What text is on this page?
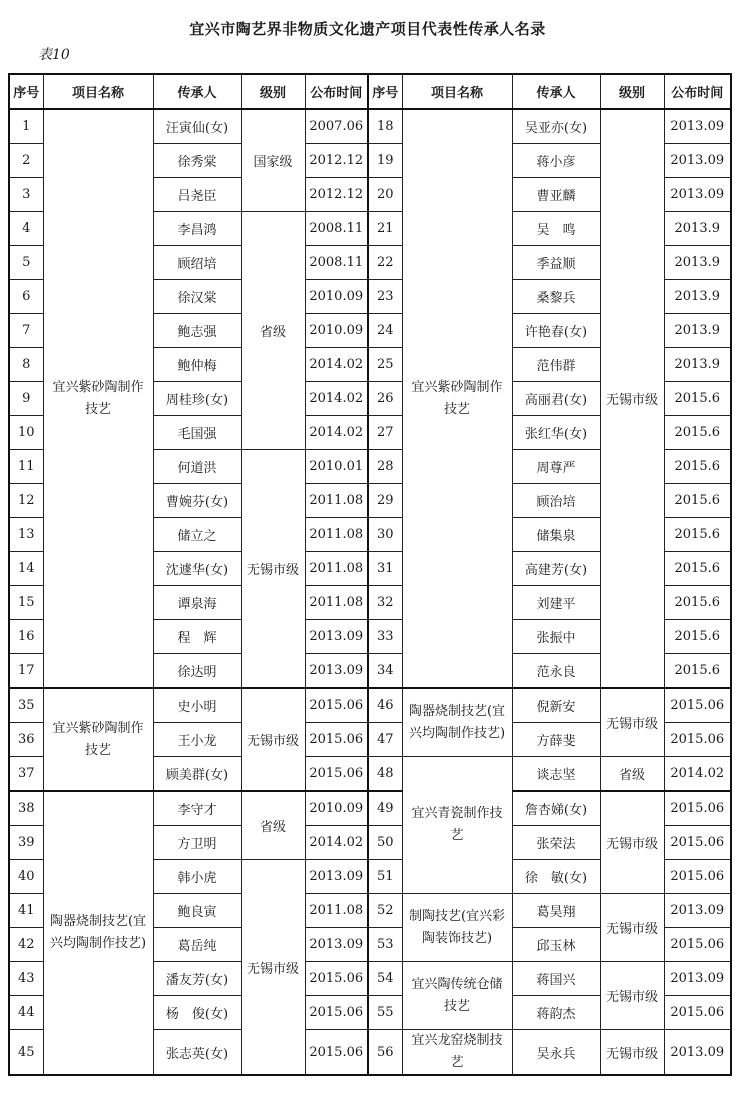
宜兴市陶艺界非物质文化遗产项目代表性传承人名录
表10
序号	项目名称	传承人	级别	公布时间	序号	项目名称	传承人	级别	公布时间
1	宜兴紫砂陶制作技艺	汪寅仙(女)	国家级	2007.06	18	宜兴紫砂陶制作技艺	吴亚亦(女)	无锡市级	2013.09
2		徐秀棠		2012.12	19		蒋小彦		2013.09
3		吕尧臣		2012.12	20		曹亚麟		2013.09
4		李昌鸿	省级	2008.11	21		吴　鸣		2013.9
5		顾绍培		2008.11	22		季益顺		2013.9
6		徐汉棠		2010.09	23		桑黎兵		2013.9
7		鲍志强		2010.09	24		许艳春(女)		2013.9
8		鲍仲梅		2014.02	25		范伟群		2013.9
9		周桂珍(女)		2014.02	26		高丽君(女)		2015.6
10		毛国强		2014.02	27		张红华(女)		2015.6
11		何道洪	无锡市级	2010.01	28		周尊严		2015.6
12		曹婉芬(女)		2011.08	29		顾治培		2015.6
13		储立之		2011.08	30		储集泉		2015.6
14		沈遽华(女)		2011.08	31		高建芳(女)		2015.6
15		谭泉海		2011.08	32		刘建平		2015.6
16		程　辉		2013.09	33		张振中		2015.6
17		徐达明		2013.09	34		范永良		2015.6
35	宜兴紫砂陶制作技艺	史小明	无锡市级	2015.06	46	陶器烧制技艺(宜兴均陶制作技艺)	倪新安	无锡市级	2015.06
36		王小龙		2015.06	47		方薛斐		2015.06
37		顾美群(女)		2015.06	48	宜兴青瓷制作技艺	谈志坚	省级	2014.02
38	陶器烧制技艺(宜兴均陶制作技艺)	李守才	省级	2010.09	49		詹杏娣(女)	无锡市级	2015.06
39		方卫明		2014.02	50		张荣法		2015.06
40		韩小虎	无锡市级	2013.09	51		徐　敏(女)		2015.06
41		鲍良寅		2011.08	52	制陶技艺(宜兴彩陶装饰技艺)	葛昊翔	无锡市级	2013.09
42		葛岳纯		2013.09	53		邱玉林		2015.06
43		潘友芳(女)		2015.06	54	宜兴陶传统仓储技艺	蒋国兴	无锡市级	2013.09
44		杨　俊(女)		2015.06	55		蒋韵杰		2015.06
45		张志英(女)		2015.06	56	宜兴龙窑烧制技艺	吴永兵	无锡市级	2013.09
